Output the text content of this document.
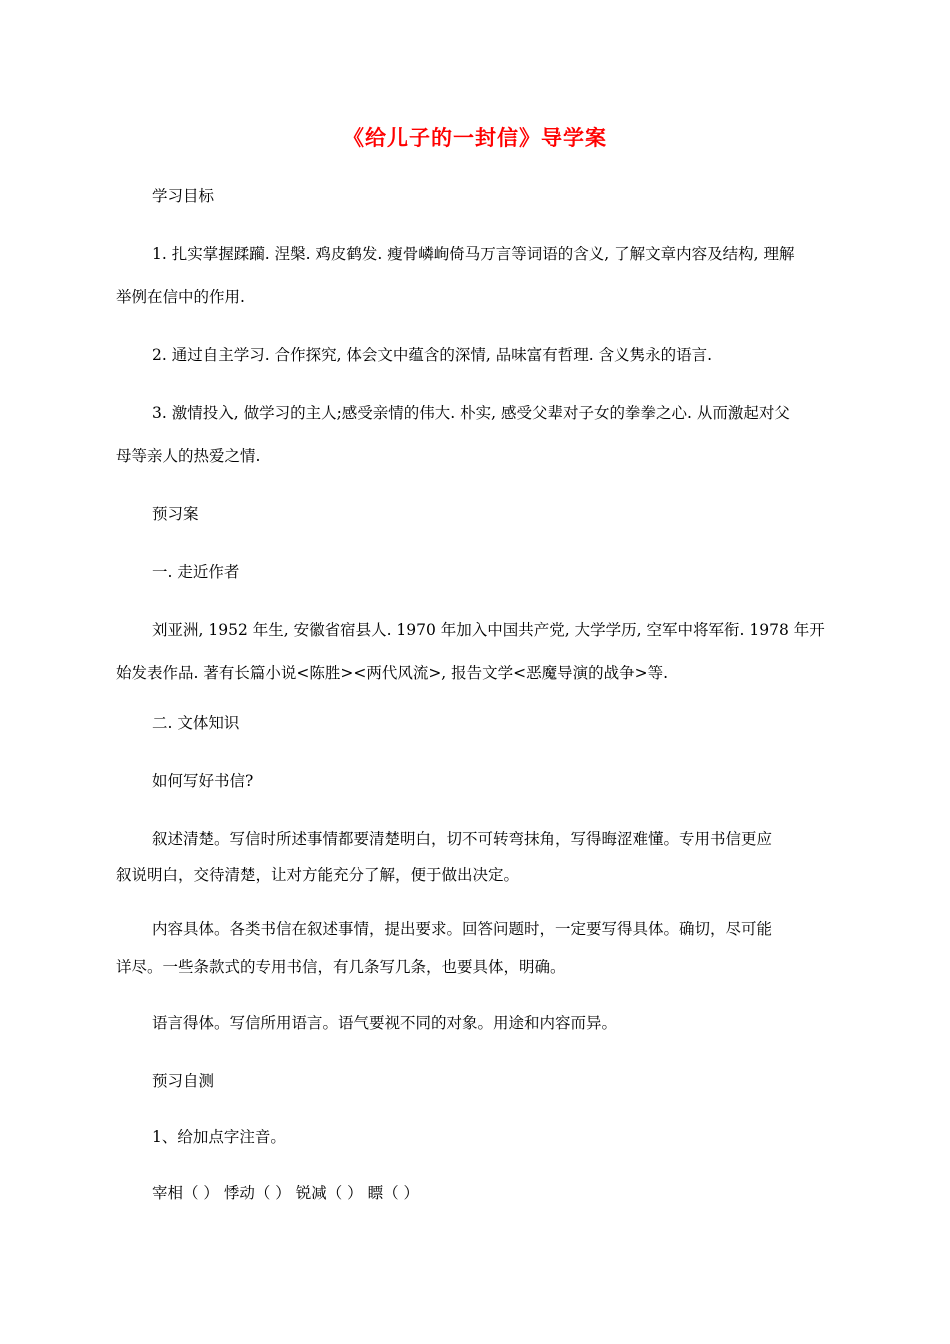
《给儿子的一封信》导学案
学习目标
1. 扎实掌握蹂躏. 涅槃. 鸡皮鹤发. 瘦骨嶙峋倚马万言等词语的含义, 了解文章内容及结构, 理解
举例在信中的作用.
2. 通过自主学习. 合作探究, 体会文中蕴含的深情, 品味富有哲理. 含义隽永的语言.
3. 激情投入, 做学习的主人;感受亲情的伟大. 朴实, 感受父辈对子女的拳拳之心. 从而激起对父
母等亲人的热爱之情.
预习案
一. 走近作者
刘亚洲, 1952 年生, 安徽省宿县人. 1970 年加入中国共产党, 大学学历, 空军中将军衔. 1978 年开
始发表作品. 著有长篇小说<陈胜><两代风流>, 报告文学<恶魔导演的战争>等.
二. 文体知识
如何写好书信?
叙述清楚。写信时所述事情都要清楚明白，切不可转弯抹角，写得晦涩难懂。专用书信更应
叙说明白，交待清楚，让对方能充分了解，便于做出决定。
内容具体。各类书信在叙述事情，提出要求。回答问题时，一定要写得具体。确切，尽可能
详尽。一些条款式的专用书信，有几条写几条，也要具体，明确。
语言得体。写信所用语言。语气要视不同的对象。用途和内容而异。
预习自测
1、给加点字注音。
宰相（ ） 悸动（ ） 锐减（ ） 瞟（ ）
